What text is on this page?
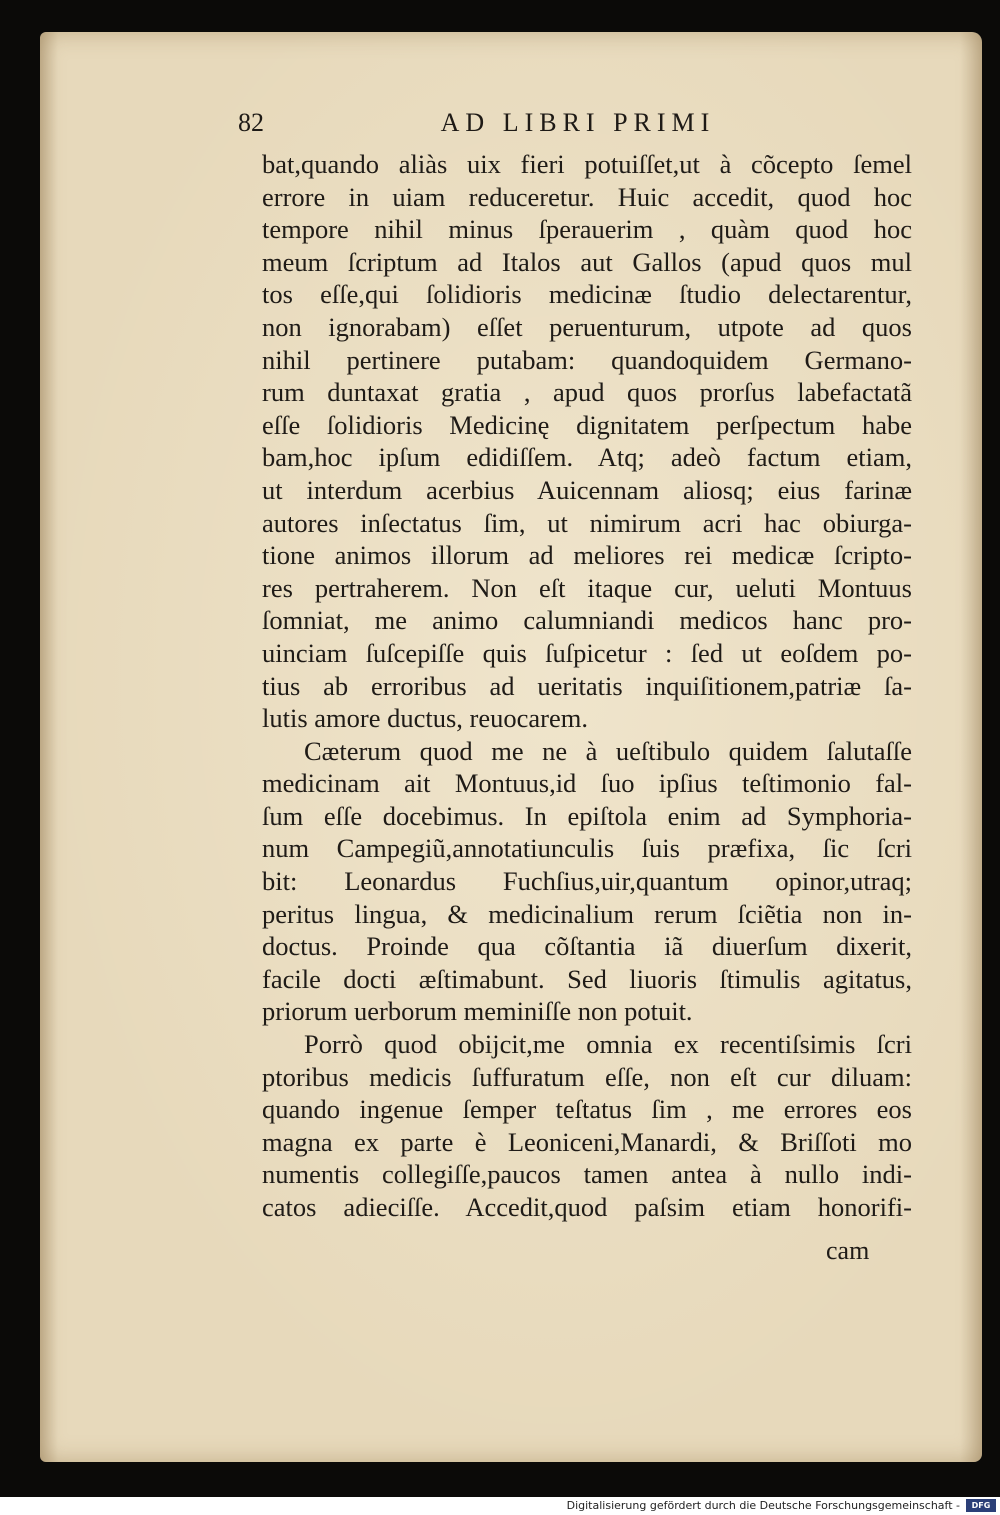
82	AD LIBRI PRIMI
bat,quando aliàs uix fieri potuiſſet,ut à cõcepto ſemel
errore in uiam reduceretur. Huic accedit, quod hoc
tempore nihil minus ſperauerim , quàm quod hoc
meum ſcriptum ad Italos aut Gallos (apud quos mul
tos eſſe,qui ſolidioris medicinæ ſtudio delectarentur,
non ignorabam) eſſet peruenturum, utpote ad quos
nihil pertinere putabam: quandoquidem Germano-
rum duntaxat gratia , apud quos prorſus labefactatã
eſſe ſolidioris Medicinę dignitatem perſpectum habe
bam,hoc ipſum edidiſſem. Atq; adeò factum etiam,
ut interdum acerbius Auicennam aliosq; eius farinæ
autores inſectatus ſim, ut nimirum acri hac obiurga-
tione animos illorum ad meliores rei medicæ ſcripto-
res pertraherem. Non eſt itaque cur, ueluti Montuus
ſomniat, me animo calumniandi medicos hanc pro-
uinciam ſuſcepiſſe quis ſuſpicetur : ſed ut eoſdem po-
tius ab erroribus ad ueritatis inquiſitionem,patriæ ſa-
lutis amore ductus, reuocarem.
Cæterum quod me ne à ueſtibulo quidem ſalutaſſe
medicinam ait Montuus,id ſuo ipſius teſtimonio fal-
ſum eſſe docebimus. In epiſtola enim ad Symphoria-
num Campegiũ,annotatiunculis ſuis præfixa, ſic ſcri
bit: Leonardus Fuchſius,uir,quantum opinor,utraq;
peritus lingua, & medicinalium rerum ſciẽtia non in-
doctus. Proinde qua cõſtantia iã diuerſum dixerit,
facile docti æſtimabunt. Sed liuoris ſtimulis agitatus,
priorum uerborum meminiſſe non potuit.
Porrò quod obijcit,me omnia ex recentiſsimis ſcri
ptoribus medicis ſuffuratum eſſe, non eſt cur diluam:
quando ingenue ſemper teſtatus ſim , me errores eos
magna ex parte è Leoniceni,Manardi, & Briſſoti mo
numentis collegiſſe,paucos tamen antea à nullo indi-
catos adieciſſe. Accedit,quod paſsim etiam honorifi-
cam
Digitalisierung gefördert durch die Deutsche Forschungsgemeinschaft -	DFG
